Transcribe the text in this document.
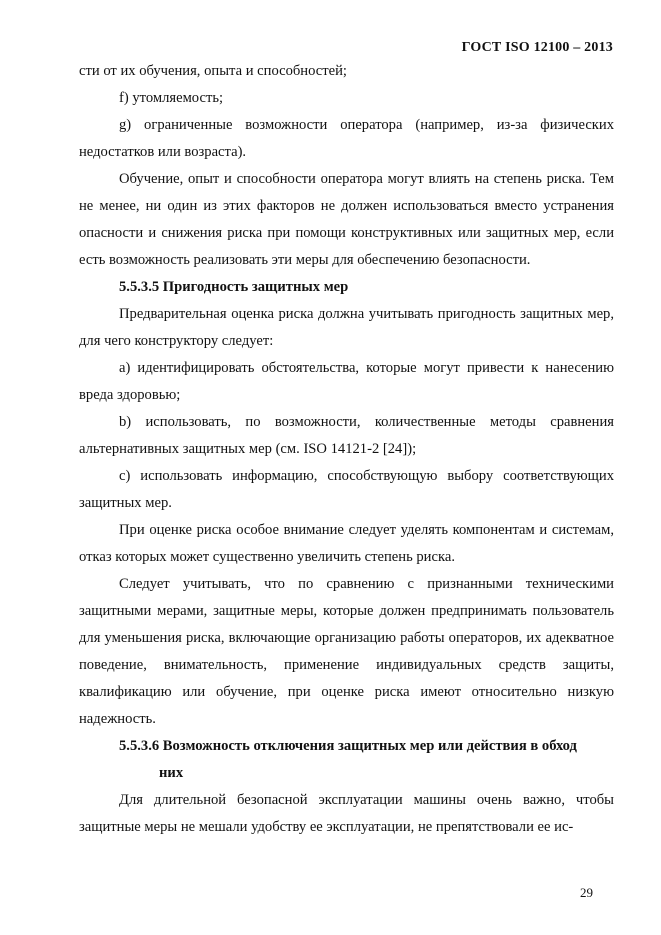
ГОСТ ISO 12100 – 2013

сти от их обучения, опыта и способностей;

f) утомляемость;

g) ограниченные возможности оператора (например, из-за физических недостатков или возраста).

Обучение, опыт и способности оператора могут влиять на степень риска. Тем не менее, ни один из этих факторов не должен использоваться вместо устранения опасности и снижения риска при помощи конструктивных или защитных мер, если есть возможность реализовать эти меры для обеспечению безопасности.

5.5.3.5 Пригодность защитных мер

Предварительная оценка риска должна учитывать пригодность защитных мер, для чего конструктору следует:

a) идентифицировать обстоятельства, которые могут привести к нанесению вреда здоровью;

b) использовать, по возможности, количественные методы сравнения альтернативных защитных мер (см. ISO 14121-2 [24]);

c) использовать информацию, способствующую выбору соответствующих защитных мер.

При оценке риска особое внимание следует уделять компонентам и системам, отказ которых может существенно увеличить степень риска.

Следует учитывать, что по сравнению с признанными техническими защитными мерами, защитные меры, которые должен предпринимать пользователь для уменьшения риска, включающие организацию работы операторов, их адекватное поведение, внимательность, применение индивидуальных средств защиты, квалификацию или обучение, при оценке риска имеют относительно низкую надежность.

5.5.3.6 Возможность отключения защитных мер или действия в обход
них

Для длительной безопасной эксплуатации машины очень важно, чтобы защитные меры не мешали удобству ее эксплуатации, не препятствовали ее ис-

29
